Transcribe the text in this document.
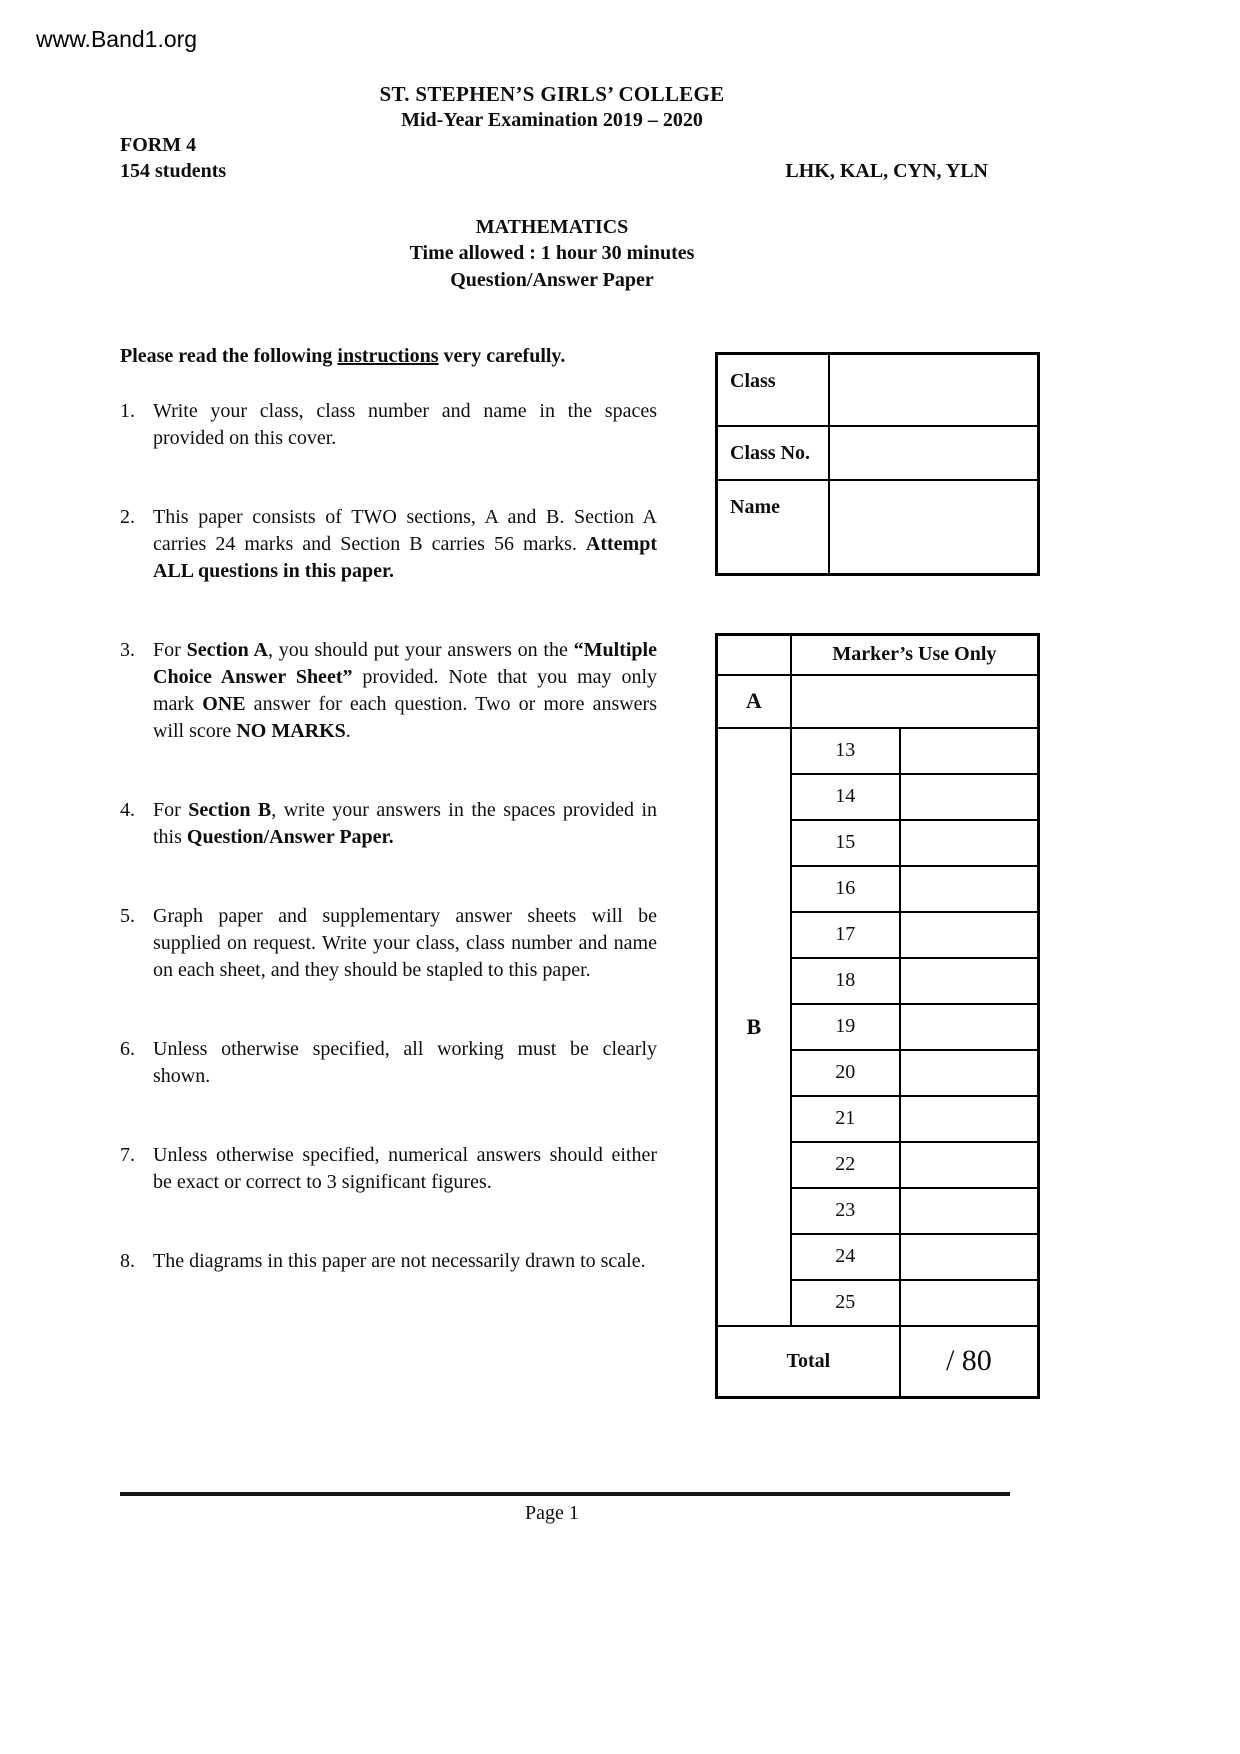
www.Band1.org
ST. STEPHEN’S GIRLS’ COLLEGE
Mid-Year Examination 2019 – 2020
FORM 4
154 students	LHK, KAL, CYN, YLN
MATHEMATICS
Time allowed : 1 hour 30 minutes
Question/Answer Paper
Please read the following instructions very carefully.
1. Write your class, class number and name in the spaces provided on this cover.
2. This paper consists of TWO sections, A and B. Section A carries 24 marks and Section B carries 56 marks. Attempt ALL questions in this paper.
3. For Section A, you should put your answers on the “Multiple Choice Answer Sheet” provided. Note that you may only mark ONE answer for each question. Two or more answers will score NO MARKS.
4. For Section B, write your answers in the spaces provided in this Question/Answer Paper.
5. Graph paper and supplementary answer sheets will be supplied on request. Write your class, class number and name on each sheet, and they should be stapled to this paper.
6. Unless otherwise specified, all working must be clearly shown.
7. Unless otherwise specified, numerical answers should either be exact or correct to 3 significant figures.
8. The diagrams in this paper are not necessarily drawn to scale.
Class	
Class No.	
Name	
	Marker’s Use Only	
A		
B	13	
	14	
	15	
	16	
	17	
	18	
	19	
	20	
	21	
	22	
	23	
	24	
	25	
Total		/ 80
Page 1
